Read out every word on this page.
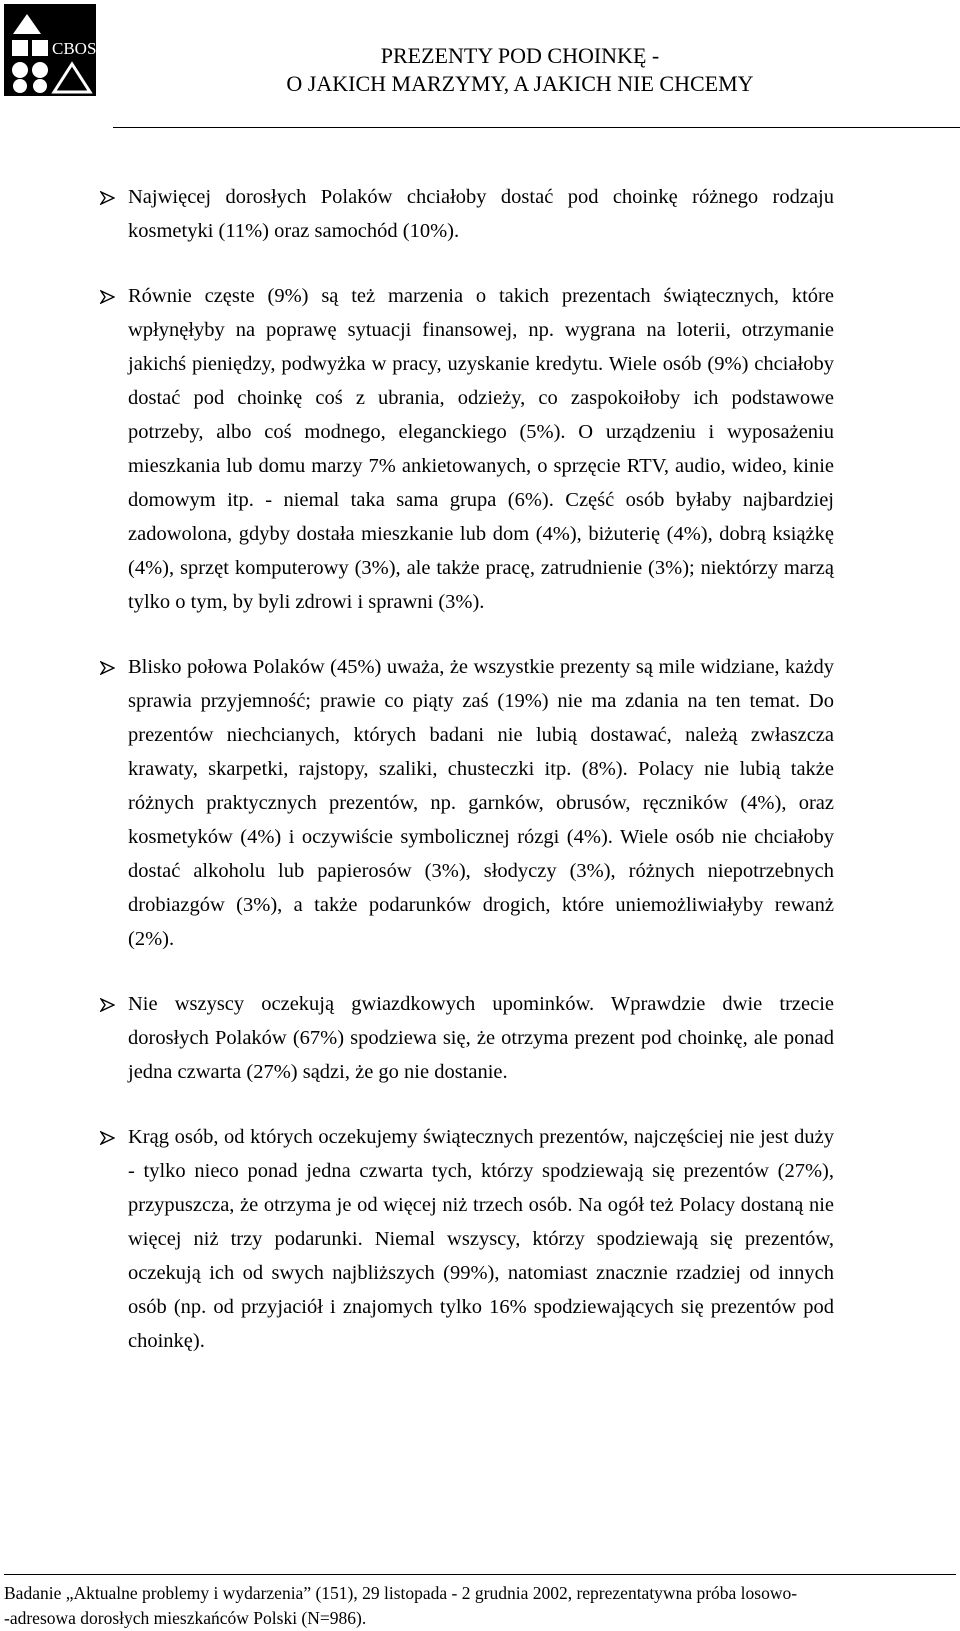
CBOS	PREZENTY POD CHOINKĘ -
O JAKICH MARZYMY, A JAKICH NIE CHCEMY
Najwięcej dorosłych Polaków chciałoby dostać pod choinkę różnego rodzaju kosmetyki (11%) oraz samochód (10%).
Równie częste (9%) są też marzenia o takich prezentach świątecznych, które wpłynęłyby na poprawę sytuacji finansowej, np. wygrana na loterii, otrzymanie jakichś pieniędzy, podwyżka w pracy, uzyskanie kredytu. Wiele osób (9%) chciałoby dostać pod choinkę coś z ubrania, odzieży, co zaspokoiłoby ich podstawowe potrzeby, albo coś modnego, eleganckiego (5%). O urządzeniu i wyposażeniu mieszkania lub domu marzy 7% ankietowanych, o sprzęcie RTV, audio, wideo, kinie domowym itp. - niemal taka sama grupa (6%). Część osób byłaby najbardziej zadowolona, gdyby dostała mieszkanie lub dom (4%), biżuterię (4%), dobrą książkę (4%), sprzęt komputerowy (3%), ale także pracę, zatrudnienie (3%); niektórzy marzą tylko o tym, by byli zdrowi i sprawni (3%).
Blisko połowa Polaków (45%) uważa, że wszystkie prezenty są mile widziane, każdy sprawia przyjemność; prawie co piąty zaś (19%) nie ma zdania na ten temat. Do prezentów niechcianych, których badani nie lubią dostawać, należą zwłaszcza krawaty, skarpetki, rajstopy, szaliki, chusteczki itp. (8%). Polacy nie lubią także różnych praktycznych prezentów, np. garnków, obrusów, ręczników (4%), oraz kosmetyków (4%) i oczywiście symbolicznej rózgi (4%). Wiele osób nie chciałoby dostać alkoholu lub papierosów (3%), słodyczy (3%), różnych niepotrzebnych drobiazgów (3%), a także podarunków drogich, które uniemożliwiałyby rewanż (2%).
Nie wszyscy oczekują gwiazdkowych upominków. Wprawdzie dwie trzecie dorosłych Polaków (67%) spodziewa się, że otrzyma prezent pod choinkę, ale ponad jedna czwarta (27%) sądzi, że go nie dostanie.
Krąg osób, od których oczekujemy świątecznych prezentów, najczęściej nie jest duży - tylko nieco ponad jedna czwarta tych, którzy spodziewają się prezentów (27%), przypuszcza, że otrzyma je od więcej niż trzech osób. Na ogół też Polacy dostaną nie więcej niż trzy podarunki. Niemal wszyscy, którzy spodziewają się prezentów, oczekują ich od swych najbliższych (99%), natomiast znacznie rzadziej od innych osób (np. od przyjaciół i znajomych tylko 16% spodziewających się prezentów pod choinkę).

Badanie „Aktualne problemy i wydarzenia” (151), 29 listopada - 2 grudnia 2002, reprezentatywna próba losowo-

-adresowa dorosłych mieszkańców Polski (N=986).
